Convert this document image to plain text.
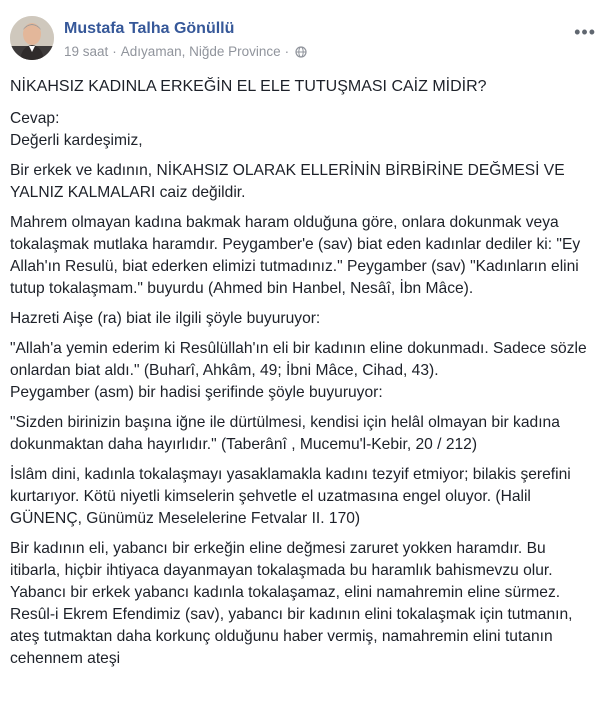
Mustafa Talha Gönüllü
19 saat · Adıyaman, Niğde Province ·
•••

NİKAHSIZ KADINLA ERKEĞİN EL ELE TUTUŞMASI CAİZ MİDİR?

Cevap:
Değerli kardeşimiz,

Bir erkek ve kadının, NİKAHSIZ OLARAK ELLERİNİN BİRBİRİNE DEĞMESİ VE YALNIZ KALMALARI caiz değildir.

Mahrem olmayan kadına bakmak haram olduğuna göre, onlara dokunmak veya tokalaşmak mutlaka haramdır. Peygamber'e (sav) biat eden kadınlar dediler ki: "Ey Allah'ın Resulü, biat ederken elimizi tutmadınız." Peygamber (sav) "Kadınların elini tutup tokalaşmam." buyurdu (Ahmed bin Hanbel, Nesâî, İbn Mâce).

Hazreti Aişe (ra) biat ile ilgili şöyle buyuruyor:

"Allah'a yemin ederim ki Resûlüllah'ın eli bir kadının eline dokunmadı. Sadece sözle onlardan biat aldı." (Buharî, Ahkâm, 49; İbni Mâce, Cihad, 43).
Peygamber (asm) bir hadisi şerifinde şöyle buyuruyor:

"Sizden birinizin başına iğne ile dürtülmesi, kendisi için helâl olmayan bir kadına dokunmaktan daha hayırlıdır." (Taberânî , Mucemu'l-Kebir, 20 / 212)

İslâm dini, kadınla tokalaşmayı yasaklamakla kadını tezyif etmiyor; bilakis şerefini kurtarıyor. Kötü niyetli kimselerin şehvetle el uzatmasına engel oluyor. (Halil GÜNENÇ, Günümüz Meselelerine Fetvalar II. 170)

Bir kadının eli, yabancı bir erkeğin eline değmesi zaruret yokken haramdır. Bu itibarla, hiçbir ihtiyaca dayanmayan tokalaşmada bu haramlık bahismevzu olur. Yabancı bir erkek yabancı kadınla tokalaşamaz, elini namahremin eline sürmez. Resûl-i Ekrem Efendimiz (sav), yabancı bir kadının elini tokalaşmak için tutmanın, ateş tutmaktan daha korkunç olduğunu haber vermiş, namahremin elini tutanın cehennem ateşi
